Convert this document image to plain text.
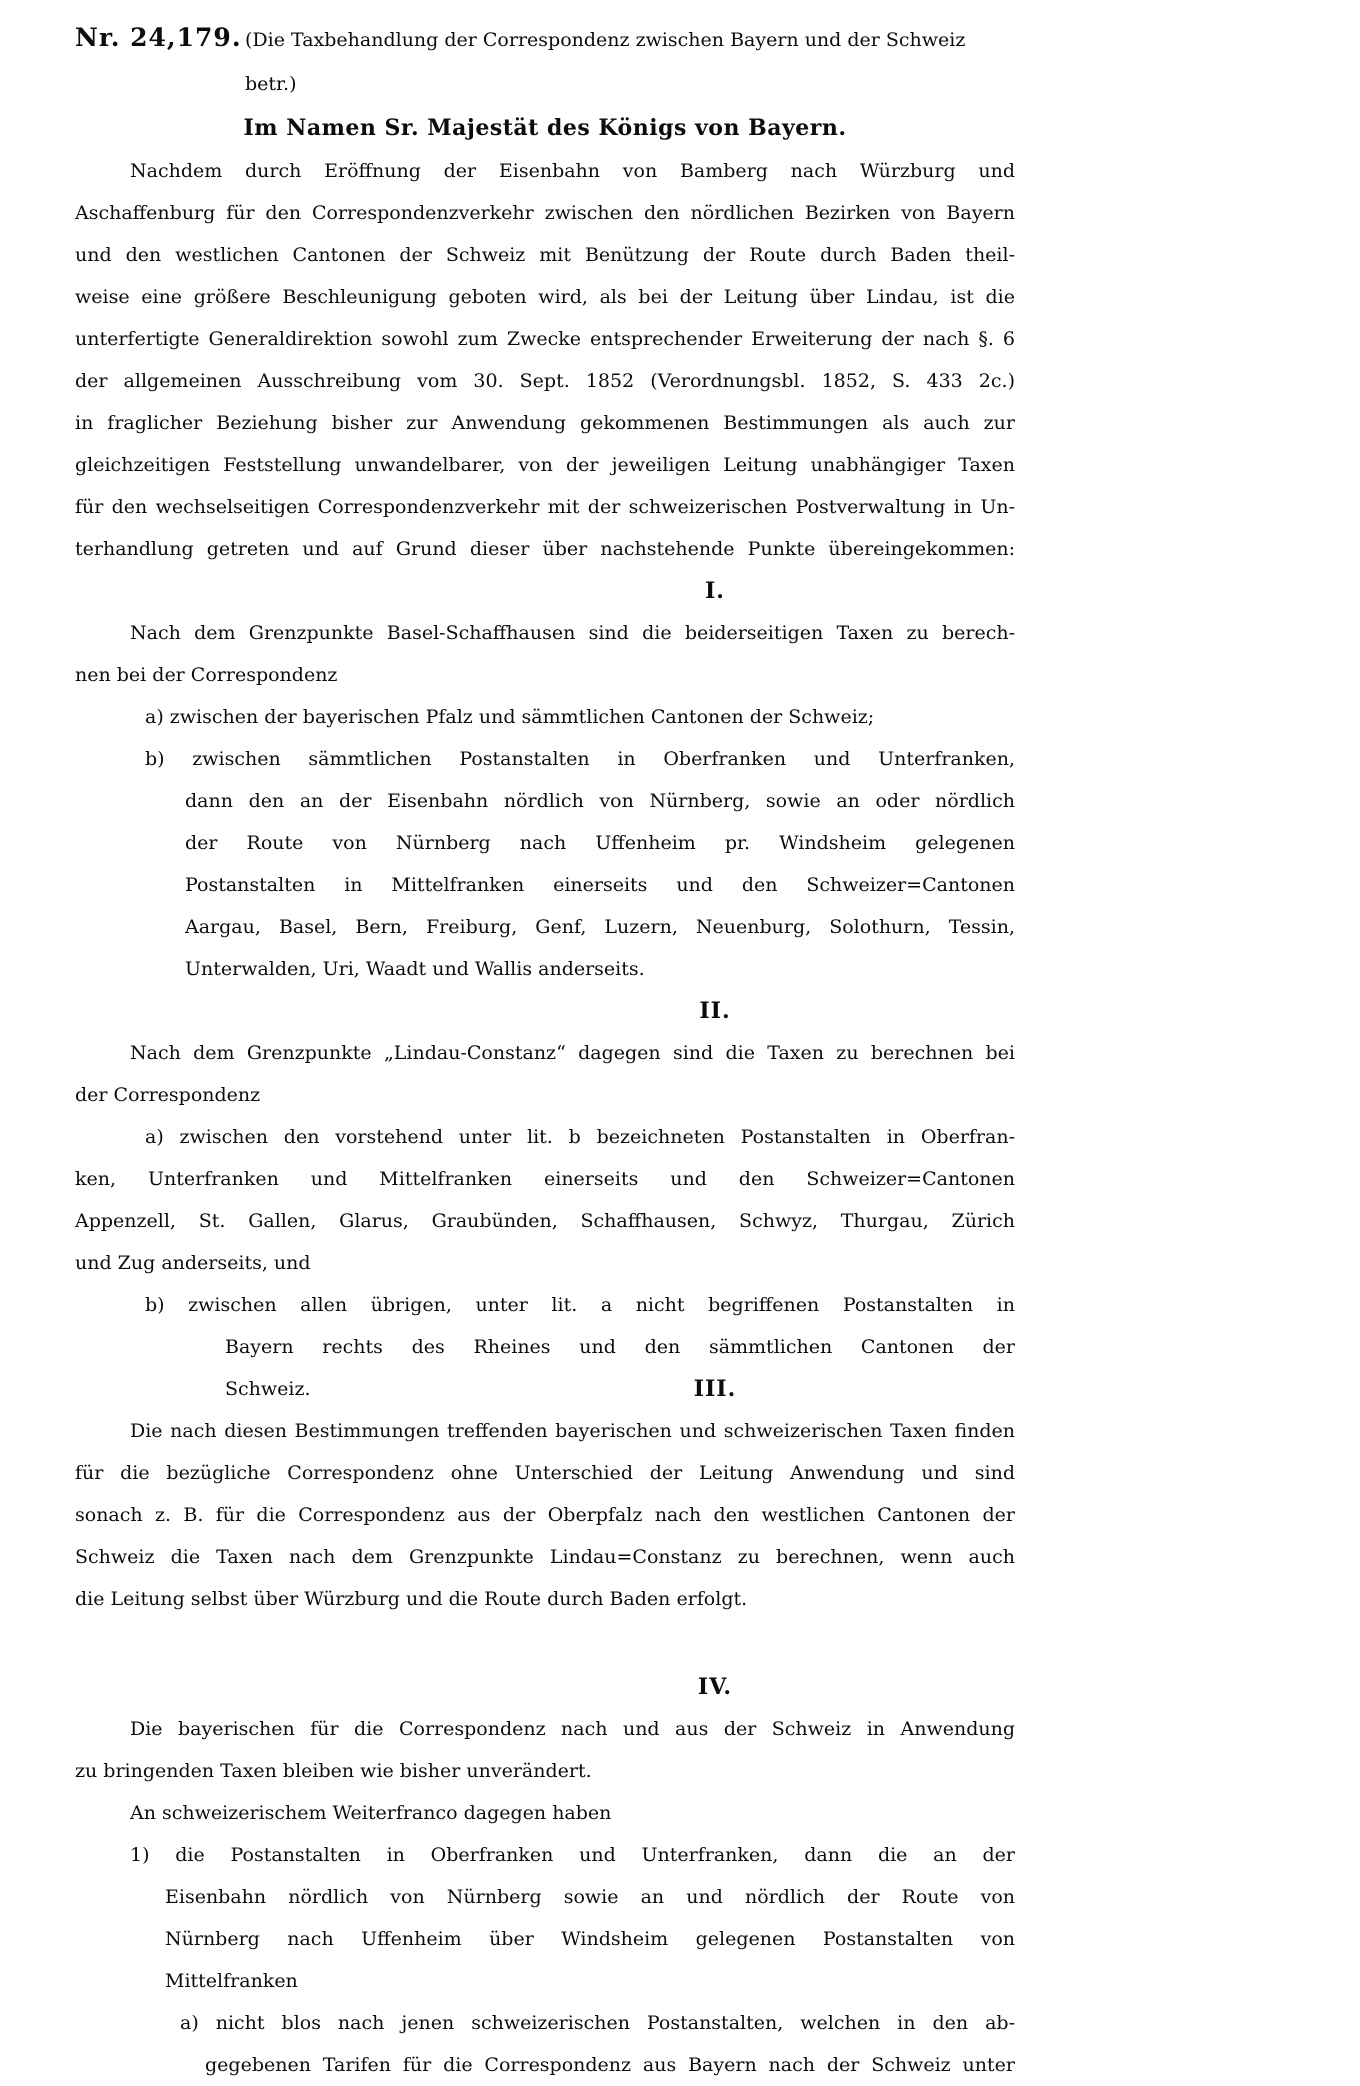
Nr. 24,179. (Die Taxbehandlung der Correspondenz zwischen Bayern und der Schweiz betr.)
Im Namen Sr. Majestät des Königs von Bayern.
Nachdem durch Eröffnung der Eisenbahn von Bamberg nach Würzburg und
Aschaffenburg für den Correspondenzverkehr zwischen den nördlichen Bezirken von Bayern
und den westlichen Cantonen der Schweiz mit Benützung der Route durch Baden theil-
weise eine größere Beschleunigung geboten wird, als bei der Leitung über Lindau, ist die
unterfertigte Generaldirektion sowohl zum Zwecke entsprechender Erweiterung der nach §. 6
der allgemeinen Ausschreibung vom 30. Sept. 1852 (Verordnungsbl. 1852, S. 433 2c.)
in fraglicher Beziehung bisher zur Anwendung gekommenen Bestimmungen als auch zur
gleichzeitigen Feststellung unwandelbarer, von der jeweiligen Leitung unabhängiger Taxen
für den wechselseitigen Correspondenzverkehr mit der schweizerischen Postverwaltung in Un-
terhandlung getreten und auf Grund dieser über nachstehende Punkte übereingekommen:
I.
Nach dem Grenzpunkte Basel-Schaffhausen sind die beiderseitigen Taxen zu berech-
nen bei der Correspondenz
a) zwischen der bayerischen Pfalz und sämmtlichen Cantonen der Schweiz;
b) zwischen sämmtlichen Postanstalten in Oberfranken und Unterfranken,
dann den an der Eisenbahn nördlich von Nürnberg, sowie an oder nördlich
der Route von Nürnberg nach Uffenheim pr. Windsheim gelegenen
Postanstalten in Mittelfranken einerseits und den Schweizer=Cantonen
Aargau, Basel, Bern, Freiburg, Genf, Luzern, Neuenburg, Solothurn, Tessin,
Unterwalden, Uri, Waadt und Wallis anderseits.
II.
Nach dem Grenzpunkte „Lindau-Constanz“ dagegen sind die Taxen zu berechnen bei
der Correspondenz
a) zwischen den vorstehend unter lit. b bezeichneten Postanstalten in Oberfran-
ken, Unterfranken und Mittelfranken einerseits und den Schweizer=Cantonen
Appenzell, St. Gallen, Glarus, Graubünden, Schaffhausen, Schwyz, Thurgau, Zürich
und Zug anderseits, und
b) zwischen allen übrigen, unter lit. a nicht begriffenen Postanstalten in
Bayern rechts des Rheines und den sämmtlichen Cantonen der
Schweiz.	III.
Die nach diesen Bestimmungen treffenden bayerischen und schweizerischen Taxen finden
für die bezügliche Correspondenz ohne Unterschied der Leitung Anwendung und sind
sonach z. B. für die Correspondenz aus der Oberpfalz nach den westlichen Cantonen der
Schweiz die Taxen nach dem Grenzpunkte Lindau=Constanz zu berechnen, wenn auch
die Leitung selbst über Würzburg und die Route durch Baden erfolgt.
IV.
Die bayerischen für die Correspondenz nach und aus der Schweiz in Anwendung
zu bringenden Taxen bleiben wie bisher unverändert.
An schweizerischem Weiterfranco dagegen haben
1) die Postanstalten in Oberfranken und Unterfranken, dann die an der
Eisenbahn nördlich von Nürnberg sowie an und nördlich der Route von
Nürnberg nach Uffenheim über Windsheim gelegenen Postanstalten von
Mittelfranken
a) nicht blos nach jenen schweizerischen Postanstalten, welchen in den ab-
gegebenen Tarifen für die Correspondenz aus Bayern nach der Schweiz unter
